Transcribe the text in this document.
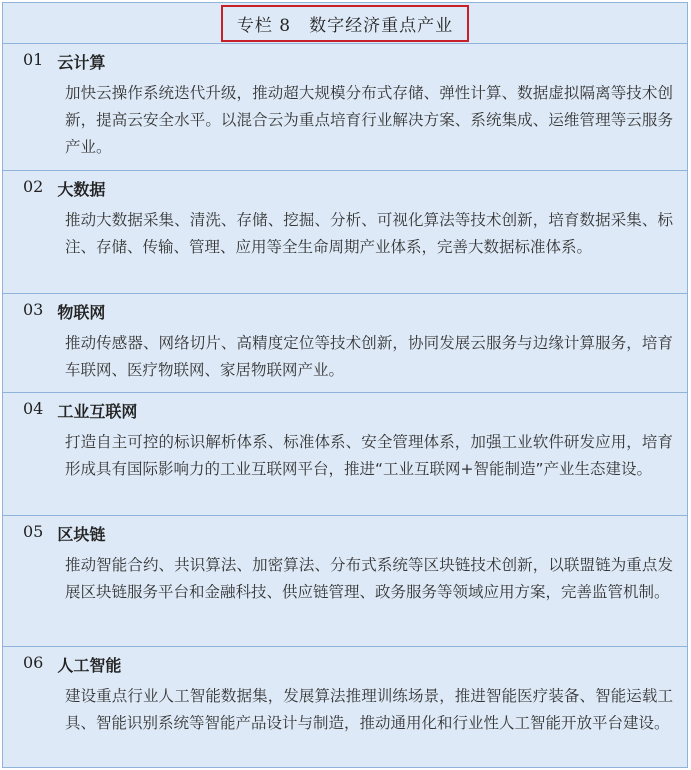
专栏 8　数字经济重点产业
01 云计算
加快云操作系统迭代升级，推动超大规模分布式存储、弹性计算、数据虚拟隔离等技术创新，提高云安全水平。以混合云为重点培育行业解决方案、系统集成、运维管理等云服务产业。
02 大数据
推动大数据采集、清洗、存储、挖掘、分析、可视化算法等技术创新，培育数据采集、标注、存储、传输、管理、应用等全生命周期产业体系，完善大数据标准体系。
03 物联网
推动传感器、网络切片、高精度定位等技术创新，协同发展云服务与边缘计算服务，培育车联网、医疗物联网、家居物联网产业。
04 工业互联网
打造自主可控的标识解析体系、标准体系、安全管理体系，加强工业软件研发应用，培育形成具有国际影响力的工业互联网平台，推进“工业互联网+智能制造”产业生态建设。
05 区块链
推动智能合约、共识算法、加密算法、分布式系统等区块链技术创新，以联盟链为重点发展区块链服务平台和金融科技、供应链管理、政务服务等领域应用方案，完善监管机制。
06 人工智能
建设重点行业人工智能数据集，发展算法推理训练场景，推进智能医疗装备、智能运载工具、智能识别系统等智能产品设计与制造，推动通用化和行业性人工智能开放平台建设。
